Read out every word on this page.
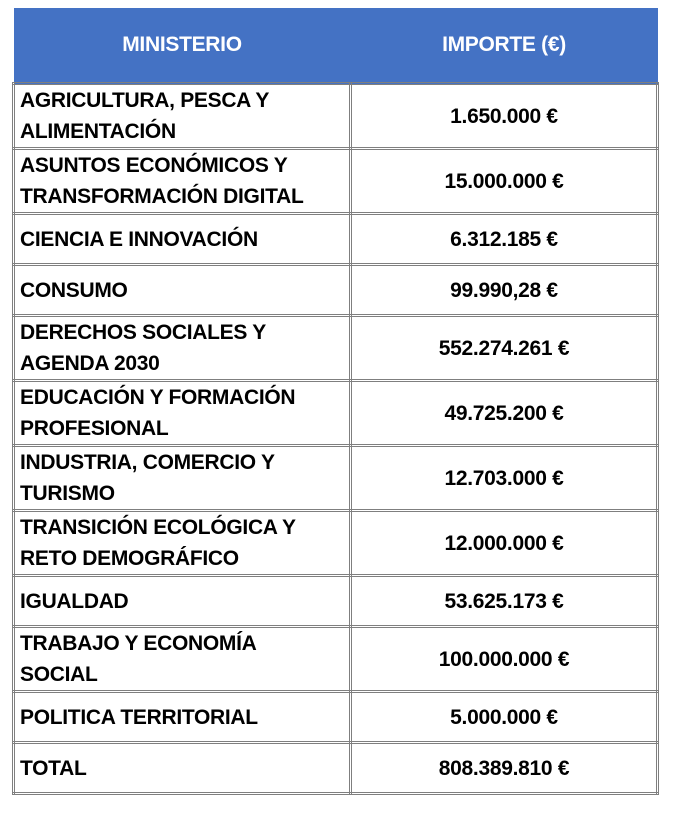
MINISTERIO	IMPORTE (€)
AGRICULTURA, PESCA Y
ALIMENTACIÓN	1.650.000 €
ASUNTOS ECONÓMICOS Y
TRANSFORMACIÓN DIGITAL	15.000.000 €
CIENCIA E INNOVACIÓN	6.312.185 €
CONSUMO	99.990,28 €
DERECHOS SOCIALES Y
AGENDA 2030	552.274.261 €
EDUCACIÓN Y FORMACIÓN
PROFESIONAL	49.725.200 €
INDUSTRIA, COMERCIO Y
TURISMO	12.703.000 €
TRANSICIÓN ECOLÓGICA Y
RETO DEMOGRÁFICO	12.000.000 €
IGUALDAD	53.625.173 €
TRABAJO Y ECONOMÍA
SOCIAL	100.000.000 €
POLITICA TERRITORIAL	5.000.000 €
TOTAL	808.389.810 €
